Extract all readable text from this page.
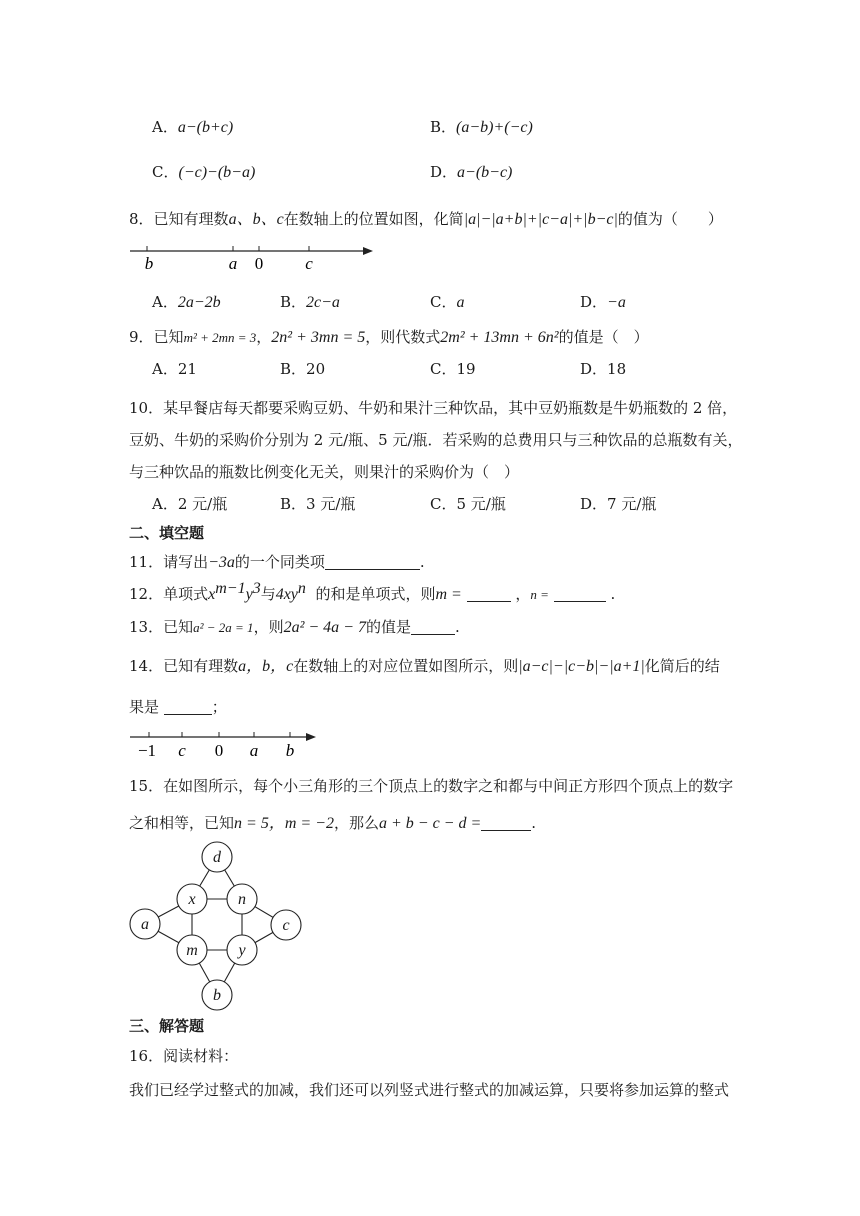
A．a−(b+c)	B．(a−b)+(−c)
C．(−c)−(b−a)	D．a−(b−c)
8．已知有理数a、b、c在数轴上的位置如图，化简|a|−|a+b|+|c−a|+|b−c|的值为（　　）
b	a 0 c
A．2a−2b	B．2c−a	C．a	D．−a
9．已知m² + 2mn = 3，2n² + 3mn = 5，则代数式2m² + 13mn + 6n²的值是（　）
A．21	B．20	C．19	D．18
10．某早餐店每天都要采购豆奶、牛奶和果汁三种饮品，其中豆奶瓶数是牛奶瓶数的 2 倍，
豆奶、牛奶的采购价分别为 2 元/瓶、5 元/瓶．若采购的总费用只与三种饮品的总瓶数有关，
与三种饮品的瓶数比例变化无关，则果汁的采购价为（　）
A．2 元/瓶	B．3 元/瓶	C．5 元/瓶	D．7 元/瓶
二、填空题
11．请写出−3a的一个同类项	.
12．单项式$x^{m-1}y^3$与$4xy^n$ 的和是单项式，则m =	，n =	.
13．已知a² − 2a = 1，则2a² − 4a − 7的值是	.
14．已知有理数a，b，c在数轴上的对应位置如图所示，则|a−c|−|c−b|−|a+1|化简后的结
果是	；
−1 c 0 a b
15．在如图所示，每个小三角形的三个顶点上的数字之和都与中间正方形四个顶点上的数字
之和相等，已知n = 5，m = −2，那么a + b − c − d =	.
d
x	n
a	c
m	y
b
三、解答题
16．阅读材料：
我们已经学过整式的加减，我们还可以列竖式进行整式的加减运算，只要将参加运算的整式
